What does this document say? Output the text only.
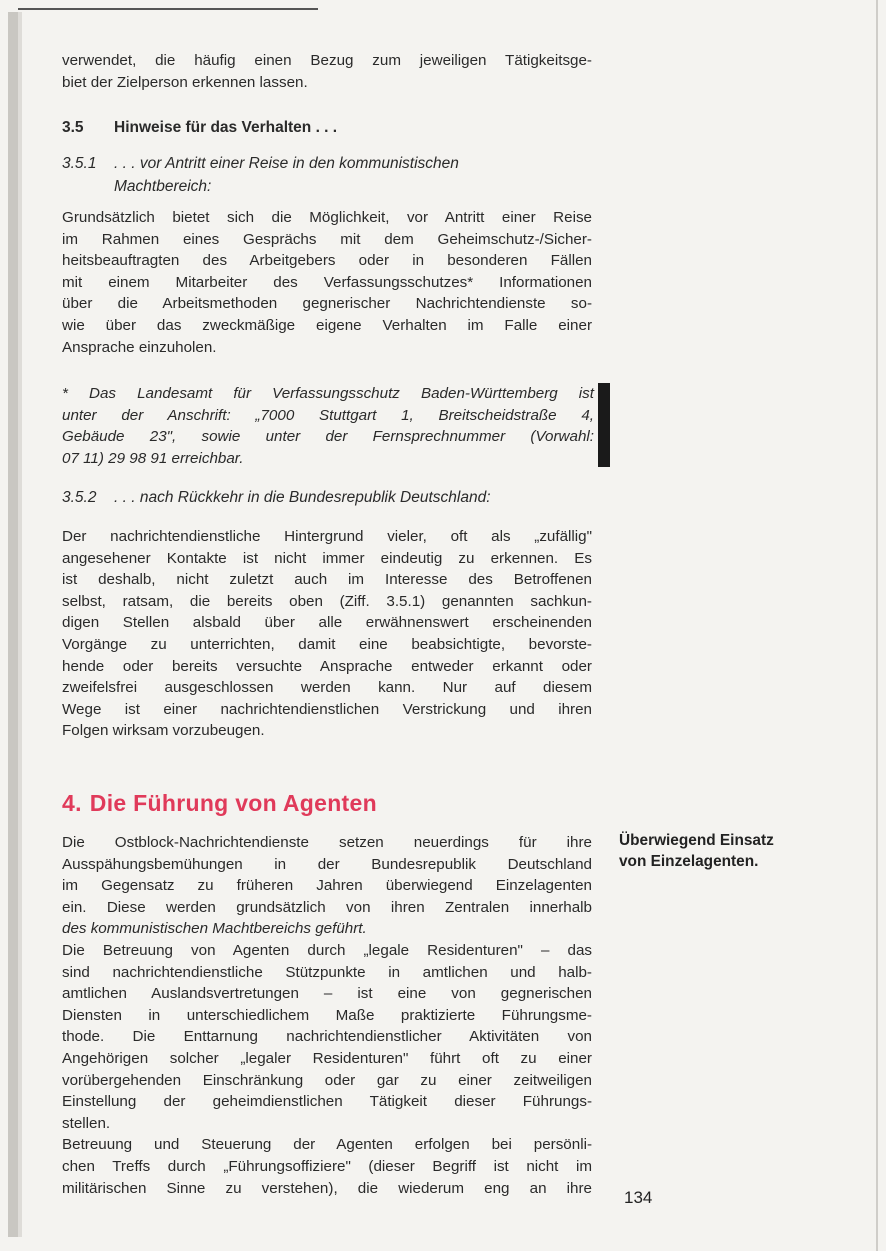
verwendet, die häufig einen Bezug zum jeweiligen Tätigkeitsge-

biet der Zielperson erkennen lassen.

3.5 Hinweise für das Verhalten . . .
3.5.1 . . . vor Antritt einer Reise in den kommunistischen
Machtbereich:

Grundsätzlich bietet sich die Möglichkeit, vor Antritt einer Reise

im Rahmen eines Gesprächs mit dem Geheimschutz-/Sicher-

heitsbeauftragten des Arbeitgebers oder in besonderen Fällen

mit einem Mitarbeiter des Verfassungsschutzes* Informationen

über die Arbeitsmethoden gegnerischer Nachrichtendienste so-

wie über das zweckmäßige eigene Verhalten im Falle einer

Ansprache einzuholen.

* Das Landesamt für Verfassungsschutz Baden-Württemberg ist

unter der Anschrift: „7000 Stuttgart 1, Breitscheidstraße 4,

Gebäude 23", sowie unter der Fernsprechnummer (Vorwahl:

07 11) 29 98 91 erreichbar.

3.5.2 . . . nach Rückkehr in die Bundesrepublik Deutschland:

Der nachrichtendienstliche Hintergrund vieler, oft als „zufällig"

angesehener Kontakte ist nicht immer eindeutig zu erkennen. Es

ist deshalb, nicht zuletzt auch im Interesse des Betroffenen

selbst, ratsam, die bereits oben (Ziff. 3.5.1) genannten sachkun-

digen Stellen alsbald über alle erwähnenswert erscheinenden

Vorgänge zu unterrichten, damit eine beabsichtigte, bevorste-

hende oder bereits versuchte Ansprache entweder erkannt oder

zweifelsfrei ausgeschlossen werden kann. Nur auf diesem

Wege ist einer nachrichtendienstlichen Verstrickung und ihren

Folgen wirksam vorzubeugen.

4. Die Führung von Agenten

Die Ostblock-Nachrichtendienste setzen neuerdings für ihre

Ausspähungsbemühungen in der Bundesrepublik Deutschland

im Gegensatz zu früheren Jahren überwiegend Einzelagenten

ein. Diese werden grundsätzlich von ihren Zentralen innerhalb

des kommunistischen Machtbereichs geführt.

Die Betreuung von Agenten durch „legale Residenturen" – das

sind nachrichtendienstliche Stützpunkte in amtlichen und halb-

amtlichen Auslandsvertretungen – ist eine von gegnerischen

Diensten in unterschiedlichem Maße praktizierte Führungsme-

thode. Die Enttarnung nachrichtendienstlicher Aktivitäten von

Angehörigen solcher „legaler Residenturen" führt oft zu einer

vorübergehenden Einschränkung oder gar zu einer zeitweiligen

Einstellung der geheimdienstlichen Tätigkeit dieser Führungs-

stellen.

Betreuung und Steuerung der Agenten erfolgen bei persönli-

chen Treffs durch „Führungsoffiziere" (dieser Begriff ist nicht im

militärischen Sinne zu verstehen), die wiederum eng an ihre

Überwiegend Einsatz
von Einzelagenten.
134
